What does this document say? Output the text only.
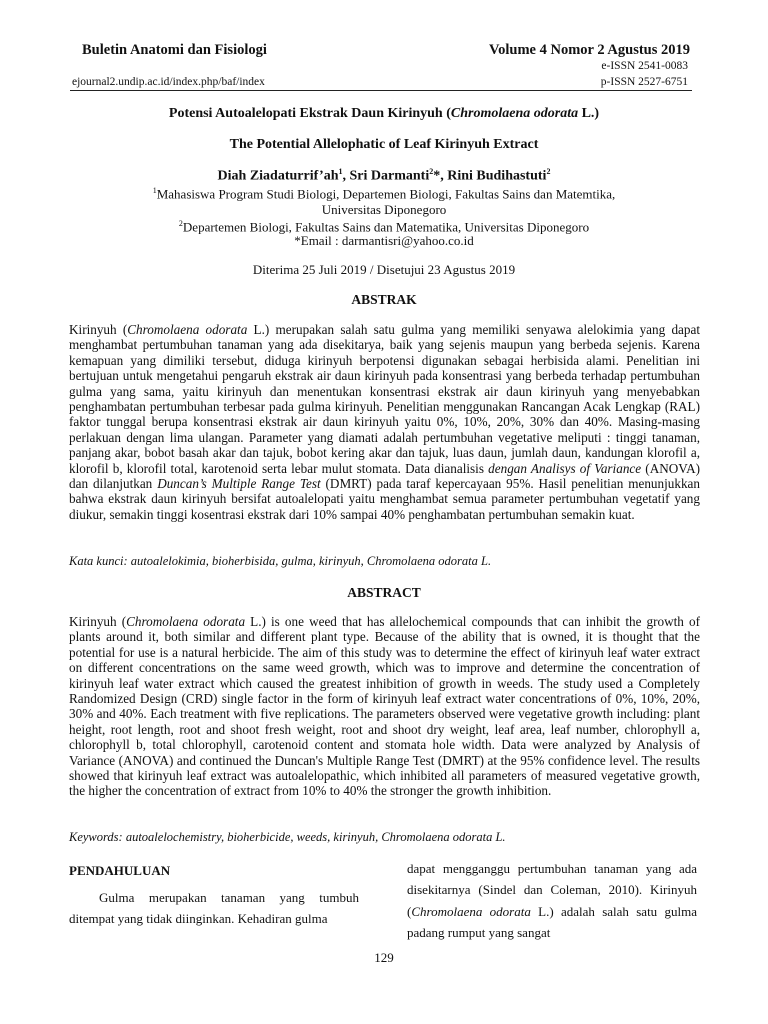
Buletin Anatomi dan Fisiologi	Volume 4 Nomor 2 Agustus 2019
e-ISSN 2541-0083
ejournal2.undip.ac.id/index.php/baf/index	p-ISSN 2527-6751
Potensi Autoalelopati Ekstrak Daun Kirinyuh (Chromolaena odorata L.)
The Potential Allelophatic of Leaf Kirinyuh Extract
Diah $Ziadaturrif’ah^1$, Sri Darmanti$^2$*, Rini Budihastuti$^2$
$^1$Mahasiswa Program Studi Biologi, Departemen Biologi, Fakultas Sains dan Matemtika,
Universitas Diponegoro
$^2$Departemen Biologi, Fakultas Sains dan Matematika, Universitas Diponegoro
*Email : darmantisri@yahoo.co.id
Diterima 25 Juli 2019 / Disetujui 23 Agustus 2019
ABSTRAK
Kirinyuh (Chromolaena odorata L.) merupakan salah satu gulma yang memiliki senyawa alelokimia yang dapat menghambat pertumbuhan tanaman yang ada disekitarya, baik yang sejenis maupun yang berbeda sejenis. Karena kemapuan yang dimiliki tersebut, diduga kirinyuh berpotensi digunakan sebagai herbisida alami. Penelitian ini bertujuan untuk mengetahui pengaruh ekstrak air daun kirinyuh pada konsentrasi yang berbeda terhadap pertumbuhan gulma yang sama, yaitu kirinyuh dan menentukan konsentrasi ekstrak air daun kirinyuh yang menyebabkan penghambatan pertumbuhan terbesar pada gulma kirinyuh. Penelitian menggunakan Rancangan Acak Lengkap (RAL) faktor tunggal berupa konsentrasi ekstrak air daun kirinyuh yaitu 0%, 10%, 20%, 30% dan 40%. Masing-masing perlakuan dengan lima ulangan. Parameter yang diamati adalah pertumbuhan vegetative meliputi : tinggi tanaman, panjang akar, bobot basah akar dan tajuk, bobot kering akar dan tajuk, luas daun, jumlah daun, kandungan klorofil a, klorofil b, klorofil total, karotenoid serta lebar mulut stomata. Data dianalisis dengan Analisys of Variance (ANOVA) dan dilanjutkan Duncan’s Multiple Range Test (DMRT) pada taraf kepercayaan 95%. Hasil penelitian menunjukkan bahwa ekstrak daun kirinyuh bersifat autoalelopati yaitu menghambat semua parameter pertumbuhan vegetatif yang diukur, semakin tinggi kosentrasi ekstrak dari 10% sampai 40% penghambatan pertumbuhan semakin kuat.
Kata kunci: autoalelokimia, bioherbisida, gulma, kirinyuh, Chromolaena odorata L.
ABSTRACT
Kirinyuh (Chromolaena odorata L.) is one weed that has allelochemical compounds that can inhibit the growth of plants around it, both similar and different plant type. Because of the ability that is owned, it is thought that the potential for use is a natural herbicide. The aim of this study was to determine the effect of kirinyuh leaf water extract on different concentrations on the same weed growth, which was to improve and determine the concentration of kirinyuh leaf water extract which caused the greatest inhibition of growth in weeds. The study used a Completely Randomized Design (CRD) single factor in the form of kirinyuh leaf extract water concentrations of 0%, 10%, 20%, 30% and 40%. Each treatment with five replications. The parameters observed were vegetative growth including: plant height, root length, root and shoot fresh weight, root and shoot dry weight, leaf area, leaf number, chlorophyll a, chlorophyll b, total chlorophyll, carotenoid content and stomata hole width. Data were analyzed by Analysis of Variance (ANOVA) and continued the Duncan's Multiple Range Test (DMRT) at the 95% confidence level. The results showed that kirinyuh leaf extract was autoalelopathic, which inhibited all parameters of measured vegetative growth, the higher the concentration of extract from 10% to 40% the stronger the growth inhibition.
Keywords: autoalelochemistry, bioherbicide, weeds, kirinyuh, Chromolaena odorata L.
PENDAHULUAN
Gulma merupakan tanaman yang tumbuh ditempat yang tidak diinginkan. Kehadiran gulma
dapat mengganggu pertumbuhan tanaman yang ada disekitarnya (Sindel dan Coleman, 2010). Kirinyuh (Chromolaena odorata L.) adalah salah satu gulma padang rumput yang sangat
129
